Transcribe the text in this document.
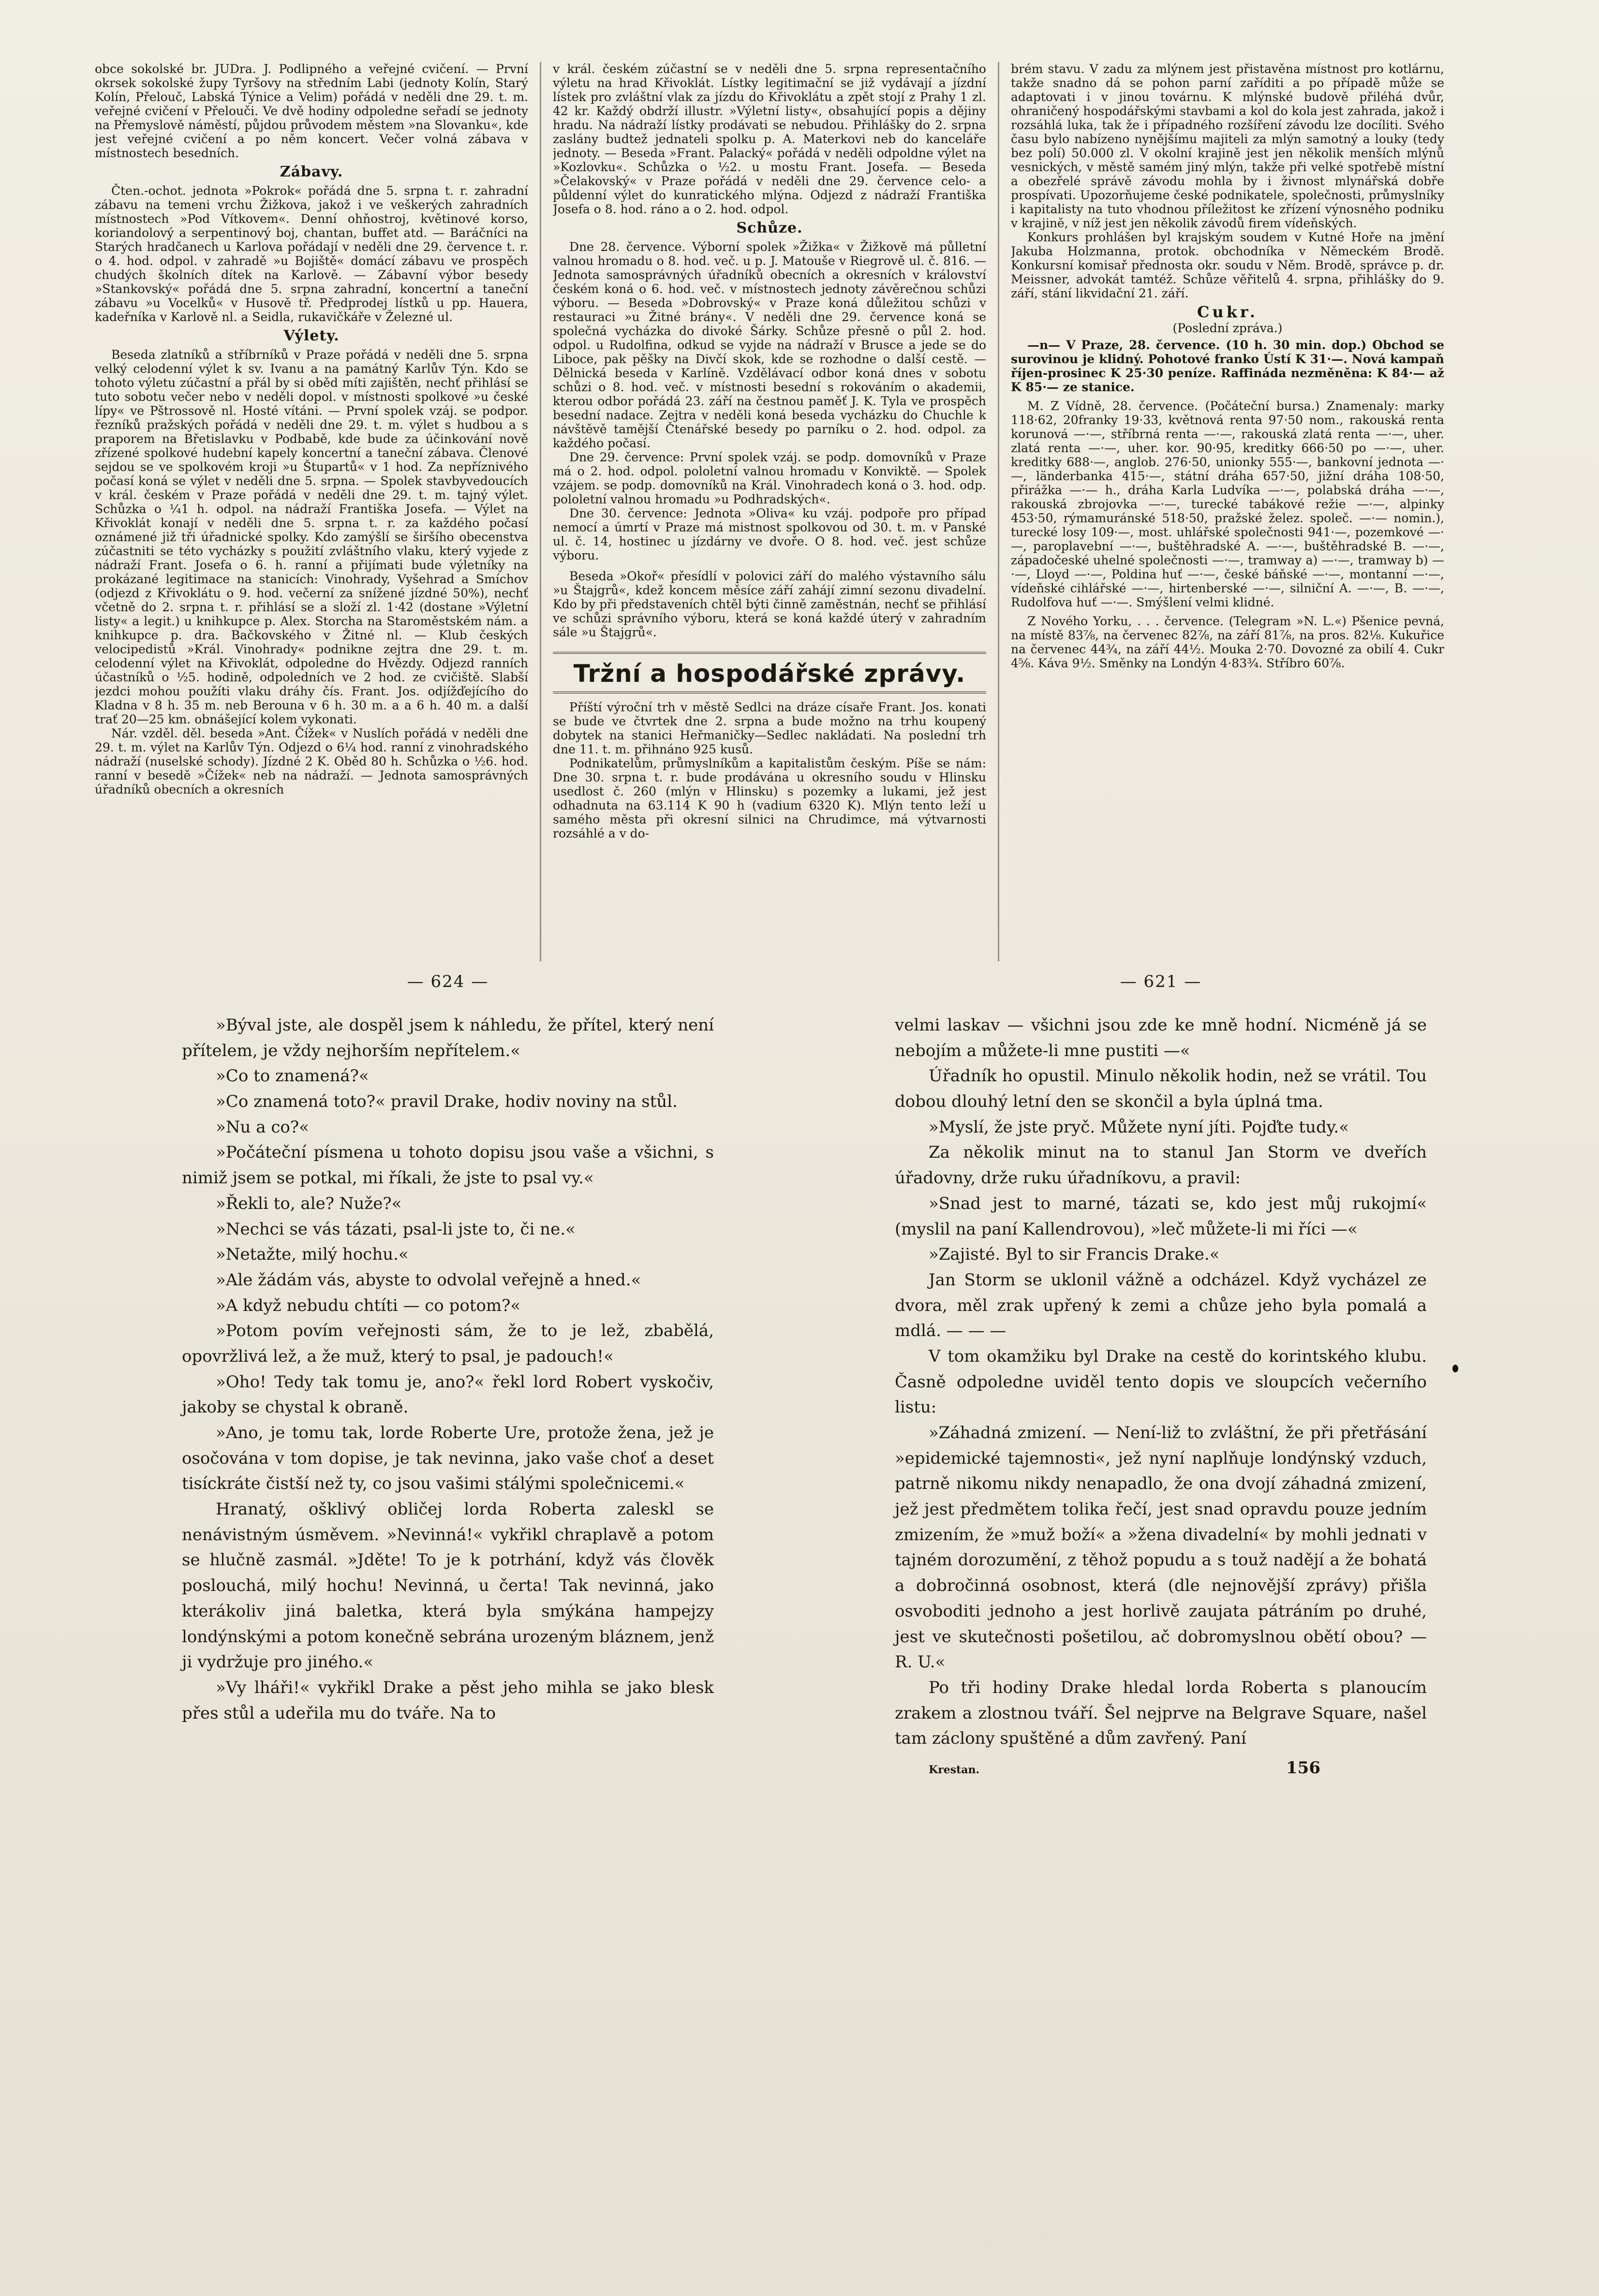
obce sokolské br. JUDra. J. Podlipného a veřejné cvičení. — První okrsek sokolské župy Tyršovy na středním Labi (jednoty Kolín, Starý Kolín, Přelouč, Labská Týnice a Velim) pořádá v neděli dne 29. t. m. veřejné cvičení v Přelouči. Ve dvě hodiny odpoledne seřadí se jednoty na Přemyslově náměstí, půjdou průvodem městem »na Slovanku«, kde jest veřejné cvičení a po něm koncert. Večer volná zábava v místnostech besedních.

Zábavy.

Čten.-ochot. jednota »Pokrok« pořádá dne 5. srpna t. r. zahradní zábavu na temeni vrchu Žižkova, jakož i ve veškerých zahradních místnostech »Pod Vítkovem«. Denní ohňostroj, květinové korso, koriandolový a serpentinový boj, chantan, buffet atd. — Baráčníci na Starých hradčanech u Karlova pořádají v neděli dne 29. července t. r. o 4. hod. odpol. v zahradě »u Bojiště« domácí zábavu ve prospěch chudých školních dítek na Karlově. — Zábavní výbor besedy »Stankovský« pořádá dne 5. srpna zahradní, koncertní a taneční zábavu »u Vocelků« v Husově tř. Předprodej lístků u pp. Hauera, kadeřníka v Karlově nl. a Seidla, rukavičkáře v Železné ul.

Výlety.

Beseda zlatníků a stříbrníků v Praze pořádá v neděli dne 5. srpna velký celodenní výlet k sv. Ivanu a na památný Karlův Týn. Kdo se tohoto výletu zúčastní a přál by si oběd míti zajištěn, nechť přihlásí se tuto sobotu večer nebo v neděli dopol. v místnosti spolkové »u české lípy« ve Pštrossově nl. Hosté vítáni. — První spolek vzáj. se podpor. řezníků pražských pořádá v neděli dne 29. t. m. výlet s hudbou a s praporem na Břetislavku v Podbabě, kde bude za účinkování nově zřízené spolkové hudební kapely koncertní a taneční zábava. Členové sejdou se ve spolkovém kroji »u Štupartů« v 1 hod. Za nepříznivého počasí koná se výlet v neděli dne 5. srpna. — Spolek stavbyvedoucích v král. českém v Praze pořádá v neděli dne 29. t. m. tajný výlet. Schůzka o ¼1 h. odpol. na nádraží Františka Josefa. — Výlet na Křivoklát konají v neděli dne 5. srpna t. r. za každého počasí oznámené již tři úřadnické spolky. Kdo zamýšlí se širšího obecenstva zúčastniti se této vycházky s použití zvláštního vlaku, který vyjede z nádraží Frant. Josefa o 6. h. ranní a přijímati bude výletníky na prokázané legitimace na stanicích: Vinohrady, Vyšehrad a Smíchov (odjezd z Křivoklátu o 9. hod. večerní za snížené jízdné 50%), nechť včetně do 2. srpna t. r. přihlásí se a složí zl. 1·42 (dostane »Výletní listy« a legit.) u knihkupce p. Alex. Storcha na Staroměstském nám. a knihkupce p. dra. Bačkovského v Žitné nl. — Klub českých velocipedistů »Král. Vinohrady« podnikne zejtra dne 29. t. m. celodenní výlet na Křivoklát, odpoledne do Hvězdy. Odjezd ranních účastníků o ½5. hodině, odpoledních ve 2 hod. ze cvičiště. Slabší jezdci mohou použíti vlaku dráhy čís. Frant. Jos. odjížďejícího do Kladna v 8 h. 35 m. neb Berouna v 6 h. 30 m. a a 6 h. 40 m. a další trať 20—25 km. obnášející kolem vykonati.

Nár. vzděl. děl. beseda »Ant. Čížek« v Nuslích pořádá v neděli dne 29. t. m. výlet na Karlův Týn. Odjezd o 6¼ hod. ranní z vinohradského nádraží (nuselské schody). Jízdné 2 K. Oběd 80 h. Schůzka o ½6. hod. ranní v besedě »Čížek« neb na nádraží. — Jednota samosprávných úřadníků obecních a okresních

v král. českém zúčastní se v neděli dne 5. srpna representačního výletu na hrad Křivoklát. Lístky legitimační se již vydávají a jízdní lístek pro zvláštní vlak za jízdu do Křivoklátu a zpět stojí z Prahy 1 zl. 42 kr. Každý obdrží illustr. »Výletní listy«, obsahující popis a dějiny hradu. Na nádraží lístky prodávati se nebudou. Přihlášky do 2. srpna zaslány budtež jednateli spolku p. A. Materkovi neb do kanceláře jednoty. — Beseda »Frant. Palacký« pořádá v neděli odpoldne výlet na »Kozlovku«. Schůzka o ½2. u mostu Frant. Josefa. — Beseda »Čelakovský« v Praze pořádá v neděli dne 29. července celo- a půldenní výlet do kunratického mlýna. Odjezd z nádraží Františka Josefa o 8. hod. ráno a o 2. hod. odpol.

Schůze.

Dne 28. července. Výborní spolek »Žižka« v Žižkově má půlletní valnou hromadu o 8. hod. več. u p. J. Matouše v Riegrově ul. č. 816. — Jednota samosprávných úřadníků obecních a okresních v království českém koná o 6. hod. več. v místnostech jednoty závěrečnou schůzi výboru. — Beseda »Dobrovský« v Praze koná důležitou schůzi v restauraci »u Žitné brány«. V neděli dne 29. července koná se společná vycházka do divoké Šárky. Schůze přesně o půl 2. hod. odpol. u Rudolfina, odkud se vyjde na nádraží v Brusce a jede se do Liboce, pak pěšky na Divčí skok, kde se rozhodne o další cestě. — Dělnická beseda v Karlíně. Vzdělávací odbor koná dnes v sobotu schůzi o 8. hod. več. v místnosti besední s rokováním o akademii, kterou odbor pořádá 23. září na čestnou paměť J. K. Tyla ve prospěch besední nadace. Zejtra v neděli koná beseda vycházku do Chuchle k návštěvě tamější Čtenářské besedy po parníku o 2. hod. odpol. za každého počasí.

Dne 29. července: První spolek vzáj. se podp. domovníků v Praze má o 2. hod. odpol. pololetní valnou hromadu v Konviktě. — Spolek vzájem. se podp. domovníků na Král. Vinohradech koná o 3. hod. odp. pololetní valnou hromadu »u Podhradských«.

Dne 30. července: Jednota »Oliva« ku vzáj. podpoře pro případ nemocí a úmrtí v Praze má mistnost spolkovou od 30. t. m. v Panské ul. č. 14, hostinec u jízdárny ve dvoře. O 8. hod. več. jest schůze výboru.

Beseda »Okoř« přesídlí v polovici září do malého výstavního sálu »u Štajgrů«, kdež koncem měsíce září zahájí zimní sezonu divadelní. Kdo by při představeních chtěl býti činně zaměstnán, nechť se přihlásí ve schůzi správního výboru, která se koná každé úterý v zahradním sále »u Štajgrů«.

Tržní a hospodářské zprávy.

Příští výroční trh v městě Sedlci na dráze císaře Frant. Jos. konati se bude ve čtvrtek dne 2. srpna a bude možno na trhu koupený dobytek na stanici Heřmaničky—Sedlec nakládati. Na poslední trh dne 11. t. m. přihnáno 925 kusů.

Podnikatelům, průmyslníkům a kapitalistům českým. Píše se nám: Dne 30. srpna t. r. bude prodávána u okresního soudu v Hlinsku usedlost č. 260 (mlýn v Hlinsku) s pozemky a lukami, jež jest odhadnuta na 63.114 K 90 h (vadium 6320 K). Mlýn tento leží u samého města při okresní silnici na Chrudimce, má výtvarnosti rozsáhlé a v do-

brém stavu. V zadu za mlýnem jest přistavěna místnost pro kotlárnu, takže snadno dá se pohon parní zaříditi a po případě může se adaptovati i v jinou továrnu. K mlýnské budově přiléhá dvůr, ohraničený hospodářskými stavbami a kol do kola jest zahrada, jakož i rozsáhlá luka, tak že i případného rozšíření závodu lze docíliti. Svého času bylo nabízeno nynějšímu majiteli za mlýn samotný a louky (tedy bez polí) 50.000 zl. V okolní krajině jest jen několik menších mlýnů vesnických, v městě samém jiný mlýn, takže při velké spotřebě místní a obezřelé správě závodu mohla by i živnost mlynářská dobře prospívati. Upozorňujeme české podnikatele, společnosti, průmyslníky i kapitalisty na tuto vhodnou příležitost ke zřízení výnosného podniku v krajině, v níž jest jen několik závodů firem vídeňských.

Konkurs prohlášen byl krajským soudem v Kutné Hoře na jmění Jakuba Holzmanna, protok. obchodníka v Německém Brodě. Konkursní komisař přednosta okr. soudu v Něm. Brodě, správce p. dr. Meissner, advokát tamtéž. Schůze věřitelů 4. srpna, přihlášky do 9. září, stání likvidační 21. září.

Cukr.
(Poslední zpráva.)

—n— V Praze, 28. července. (10 h. 30 min. dop.) Obchod se surovinou je klidný. Pohotové franko Ústí K 31·—. Nová kampaň říjen-prosinec K 25·30 peníze. Raffináda nezměněna: K 84·— až K 85·— ze stanice.

M. Z Vídně, 28. července. (Počáteční bursa.) Znamenaly: marky 118·62, 20franky 19·33, květnová renta 97·50 nom., rakouská renta korunová —·—, stříbrná renta —·—, rakouská zlatá renta —·—, uher. zlatá renta —·—, uher. kor. 90·95, kreditky 666·50 po —·—, uher. kreditky 688·—, anglob. 276·50, unionky 555·—, bankovní jednota —·—, länderbanka 415·—, státní dráha 657·50, jižní dráha 108·50, přirážka —·— h., dráha Karla Ludvíka —·—, polabská dráha —·—, rakouská zbrojovka —·—, turecké tabákové režie —·—, alpinky 453·50, rýmamuránské 518·50, pražské želez. společ. —·— nomin.), turecké losy 109·—, most. uhlářské společnosti 941·—, pozemkové —·—, paroplavební —·—, buštěhradské A. —·—, buštěhradské B. —·—, západočeské uhelné společnosti —·—, tramway a) —·—, tramway b) —·—, Lloyd —·—, Poldina huť —·—, české báňské —·—, montanní —·—, vídeňské cihlářské —·—, hirtenberské —·—, silniční A. —·—, B. —·—, Rudolfova huť —·—. Smýšlení velmi klidné.

Z Nového Yorku, . . . července. (Telegram »N. L.«) Pšenice pevná, na místě 83⅞, na červenec 82⅞, na září 81⅞, na pros. 82⅛. Kukuřice na červenec 44¾, na září 44½. Mouka 2·70. Dovozné za obilí 4. Cukr 4⅝. Káva 9½. Směnky na Londýn 4·83¾. Stříbro 60⅞.

— 624 —

»Býval jste, ale dospěl jsem k náhledu, že přítel, který není přítelem, je vždy nejhorším nepřítelem.«

»Co to znamená?«

»Co znamená toto?« pravil Drake, hodiv noviny na stůl.

»Nu a co?«

»Počáteční písmena u tohoto dopisu jsou vaše a všichni, s nimiž jsem se potkal, mi říkali, že jste to psal vy.«

»Řekli to, ale? Nuže?«

»Nechci se vás tázati, psal-li jste to, či ne.«

»Netažte, milý hochu.«

»Ale žádám vás, abyste to odvolal veřejně a hned.«

»A když nebudu chtíti — co potom?«

»Potom povím veřejnosti sám, že to je lež, zbabělá, opovržlivá lež, a že muž, který to psal, je padouch!«

»Oho! Tedy tak tomu je, ano?« řekl lord Robert vyskočiv, jakoby se chystal k obraně.

»Ano, je tomu tak, lorde Roberte Ure, protože žena, jež je osočována v tom dopise, je tak nevinna, jako vaše choť a deset tisíckráte čistší než ty, co jsou vašimi stálými společnicemi.«

Hranatý, ošklivý obličej lorda Roberta zaleskl se nenávistným úsměvem. »Nevinná!« vykřikl chraplavě a potom se hlučně zasmál. »Jděte! To je k potrhání, když vás člověk poslouchá, milý hochu! Nevinná, u čerta! Tak nevinná, jako kterákoliv jiná baletka, která byla smýkána hampejzy londýnskými a potom konečně sebrána urozeným bláznem, jenž ji vydržuje pro jiného.«

»Vy lháři!« vykřikl Drake a pěst jeho mihla se jako blesk přes stůl a udeřila mu do tváře. Na to

— 621 —

velmi laskav — všichni jsou zde ke mně hodní. Nicméně já se nebojím a můžete-li mne pustiti —«

Úřadník ho opustil. Minulo několik hodin, než se vrátil. Tou dobou dlouhý letní den se skončil a byla úplná tma.

»Myslí, že jste pryč. Můžete nyní jíti. Pojďte tudy.«

Za několik minut na to stanul Jan Storm ve dveřích úřadovny, drže ruku úřadníkovu, a pravil:

»Snad jest to marné, tázati se, kdo jest můj rukojmí« (myslil na paní Kallendrovou), »leč můžete-li mi říci —«

»Zajisté. Byl to sir Francis Drake.«

Jan Storm se uklonil vážně a odcházel. Když vycházel ze dvora, měl zrak upřený k zemi a chůze jeho byla pomalá a mdlá. — — —

V tom okamžiku byl Drake na cestě do korintského klubu. Časně odpoledne uviděl tento dopis ve sloupcích večerního listu:

»Záhadná zmizení. — Není-liž to zvláštní, že při přetřásání »epidemické tajemnosti«, jež nyní naplňuje londýnský vzduch, patrně nikomu nikdy nenapadlo, že ona dvojí záhadná zmizení, jež jest předmětem tolika řečí, jest snad opravdu pouze jedním zmizením, že »muž boží« a »žena divadelní« by mohli jednati v tajném dorozumění, z těhož popudu a s touž nadějí a že bohatá a dobročinná osobnost, která (dle nejnovější zprávy) přišla osvoboditi jednoho a jest horlivě zaujata pátráním po druhé, jest ve skutečnosti pošetilou, ač dobromyslnou obětí obou? — R. U.«

Po tři hodiny Drake hledal lorda Roberta s planoucím zrakem a zlostnou tváří. Šel nejprve na Belgrave Square, našel tam záclony spuštěné a dům zavřený. Paní

Krestan.	156
